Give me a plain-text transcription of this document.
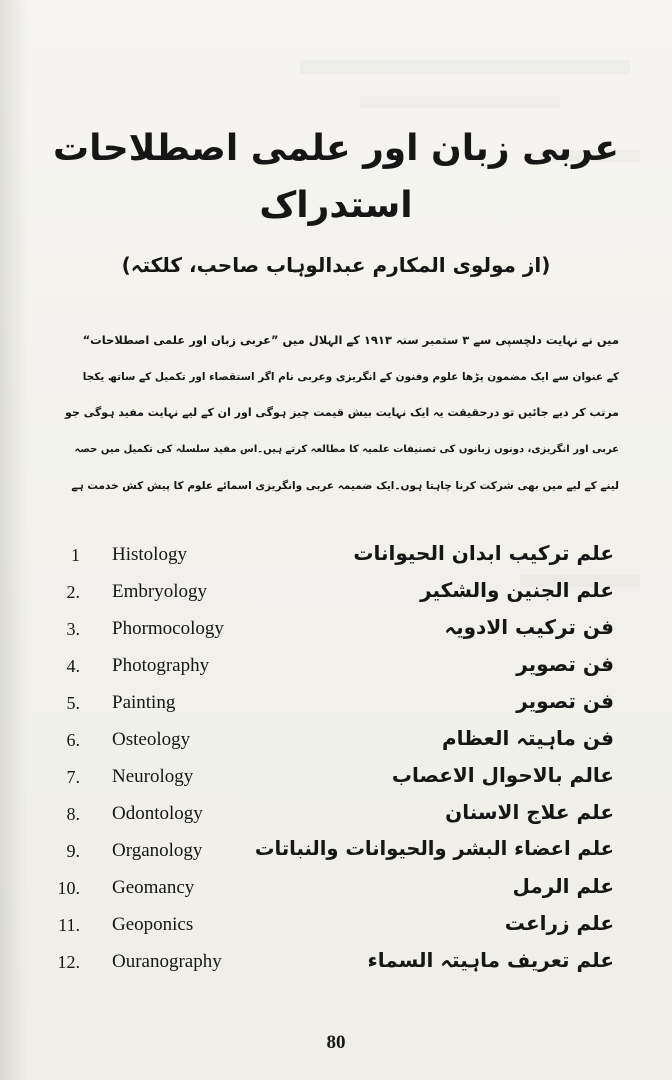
عربی زبان اور علمی اصطلاحات
استدراک
(از مولوی المکارم عبدالوہاب صاحب، کلکتہ)
میں نے نہایت دلچسپی سے ۳ ستمبر سنہ ۱۹۱۳ کے الہلال میں ”عربی زبان اور علمی اصطلاحات“
کے عنوان سے ایک مضمون پڑھا علوم وفنون کے انگریزی وعربی نام اگر استقصاء اور تکمیل کے ساتھ یکجا
مرتب کر دیے جائیں تو درحقیقت یہ ایک نہایت بیش قیمت چیز ہوگی اور ان کے لیے نہایت مفید ہوگی جو
عربی اور انگریزی، دونوں زبانوں کی تصنیفات علمیہ کا مطالعہ کرتے ہیں۔اس مفید سلسلہ کی تکمیل میں حصہ
لینے کے لیے میں بھی شرکت کرنا چاہتا ہوں۔ایک ضمیمہ عربی وانگریزی اسمائے علوم کا پیش کش خدمت ہے
1 Histology	علم ترکیب ابدان الحیوانات
2. Embryology	علم الجنین والشکیر
3. Phormocology	فن ترکیب الادویہ
4. Photography	فن تصویر
5. Painting	فن تصویر
6. Osteology	فن ماہیتہ العظام
7. Neurology	عالم بالاحوال الاعصاب
8. Odontology	علم علاج الاسنان
9. Organology	علم اعضاء البشر والحیوانات والنباتات
10. Geomancy	علم الرمل
11. Geoponics	علم زراعت
12. Ouranography	علم تعریف ماہیتہ السماء
80
